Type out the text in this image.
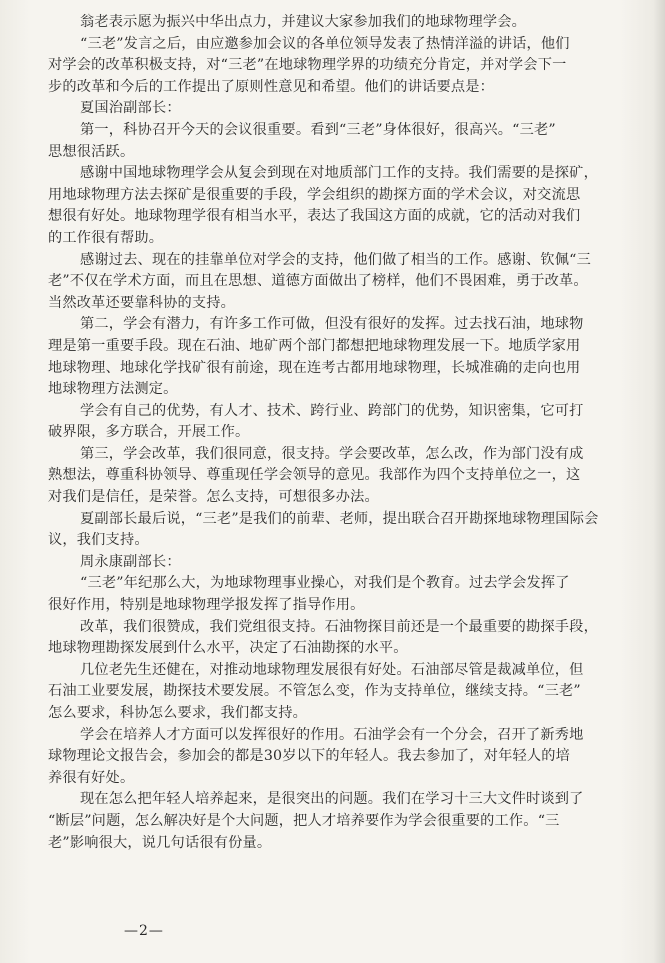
翁老表示愿为振兴中华出点力，并建议大家参加我们的地球物理学会。
“三老”发言之后，由应邀参加会议的各单位领导发表了热情洋溢的讲话，他们
对学会的改革积极支持，对“三老”在地球物理学界的功绩充分肯定，并对学会下一
步的改革和今后的工作提出了原则性意见和希望。他们的讲话要点是：
夏国治副部长：
第一，科协召开今天的会议很重要。看到“三老”身体很好，很高兴。“三老”
思想很活跃。
感谢中国地球物理学会从复会到现在对地质部门工作的支持。我们需要的是探矿，
用地球物理方法去探矿是很重要的手段，学会组织的勘探方面的学术会议，对交流思
想很有好处。地球物理学很有相当水平，表达了我国这方面的成就，它的活动对我们
的工作很有帮助。
感谢过去、现在的挂靠单位对学会的支持，他们做了相当的工作。感谢、钦佩“三
老”不仅在学术方面，而且在思想、道德方面做出了榜样，他们不畏困难，勇于改革。
当然改革还要靠科协的支持。
第二，学会有潜力，有许多工作可做，但没有很好的发挥。过去找石油，地球物
理是第一重要手段。现在石油、地矿两个部门都想把地球物理发展一下。地质学家用
地球物理、地球化学找矿很有前途，现在连考古都用地球物理，长城准确的走向也用
地球物理方法测定。
学会有自己的优势，有人才、技术、跨行业、跨部门的优势，知识密集，它可打
破界限，多方联合，开展工作。
第三，学会改革，我们很同意，很支持。学会要改革，怎么改，作为部门没有成
熟想法，尊重科协领导、尊重现任学会领导的意见。我部作为四个支持单位之一，这
对我们是信任，是荣誉。怎么支持，可想很多办法。
夏副部长最后说，“三老”是我们的前辈、老师，提出联合召开勘探地球物理国际会
议，我们支持。
周永康副部长：
“三老”年纪那么大，为地球物理事业操心，对我们是个教育。过去学会发挥了
很好作用，特别是地球物理学报发挥了指导作用。
改革，我们很赞成，我们党组很支持。石油物探目前还是一个最重要的勘探手段，
地球物理勘探发展到什么水平，决定了石油勘探的水平。
几位老先生还健在，对推动地球物理发展很有好处。石油部尽管是裁减单位，但
石油工业要发展，勘探技术要发展。不管怎么变，作为支持单位，继续支持。“三老”
怎么要求，科协怎么要求，我们都支持。
学会在培养人才方面可以发挥很好的作用。石油学会有一个分会，召开了新秀地
球物理论文报告会，参加会的都是30岁以下的年轻人。我去参加了，对年轻人的培
养很有好处。
现在怎么把年轻人培养起来，是很突出的问题。我们在学习十三大文件时谈到了
“断层”问题，怎么解决好是个大问题，把人才培养要作为学会很重要的工作。“三
老”影响很大，说几句话很有份量。
—2—
